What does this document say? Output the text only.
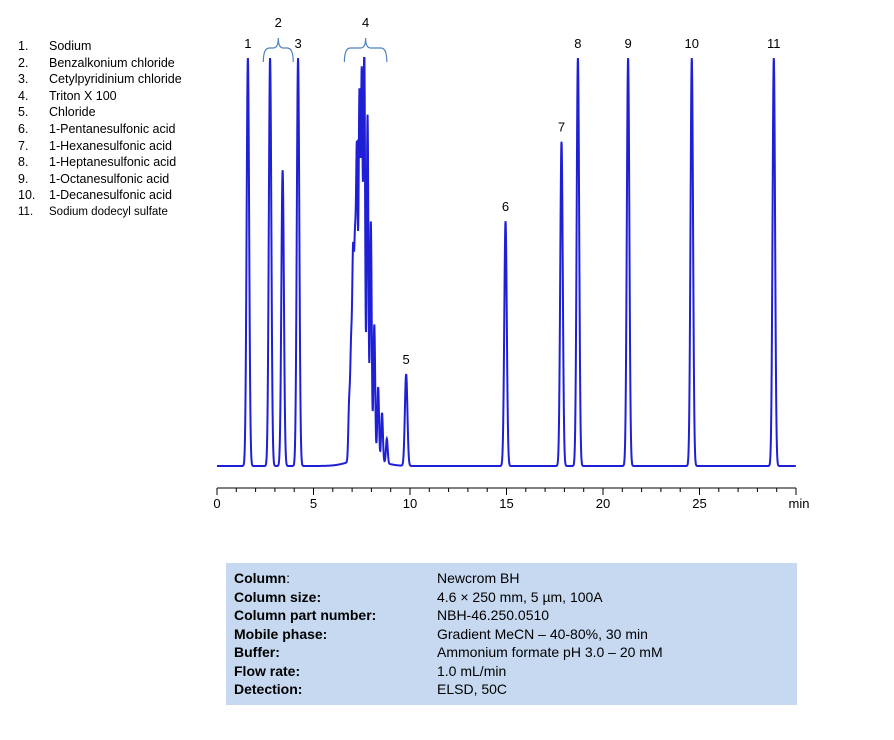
1.	Sodium
2.	Benzalkonium chloride
3.	Cetylpyridinium chloride
4.	Triton X 100
5.	Chloride
6.	1-Pentanesulfonic acid
7.	1-Hexanesulfonic acid
8.	1-Heptanesulfonic acid
9.	1-Octanesulfonic acid
10.	1-Decanesulfonic acid
11.	Sodium dodecyl sulfate
0	5	10	15	20	25	min
1	3
5
6
7
8	9	10	11
2	4
Column:	Newcrom BH
Column size:	4.6 × 250 mm, 5 µm, 100A
Column part number:	NBH-46.250.0510
Mobile phase:	Gradient MeCN – 40-80%, 30 min
Buffer:	Ammonium formate pH 3.0 – 20 mM
Flow rate:	1.0 mL/min
Detection:	ELSD, 50C
